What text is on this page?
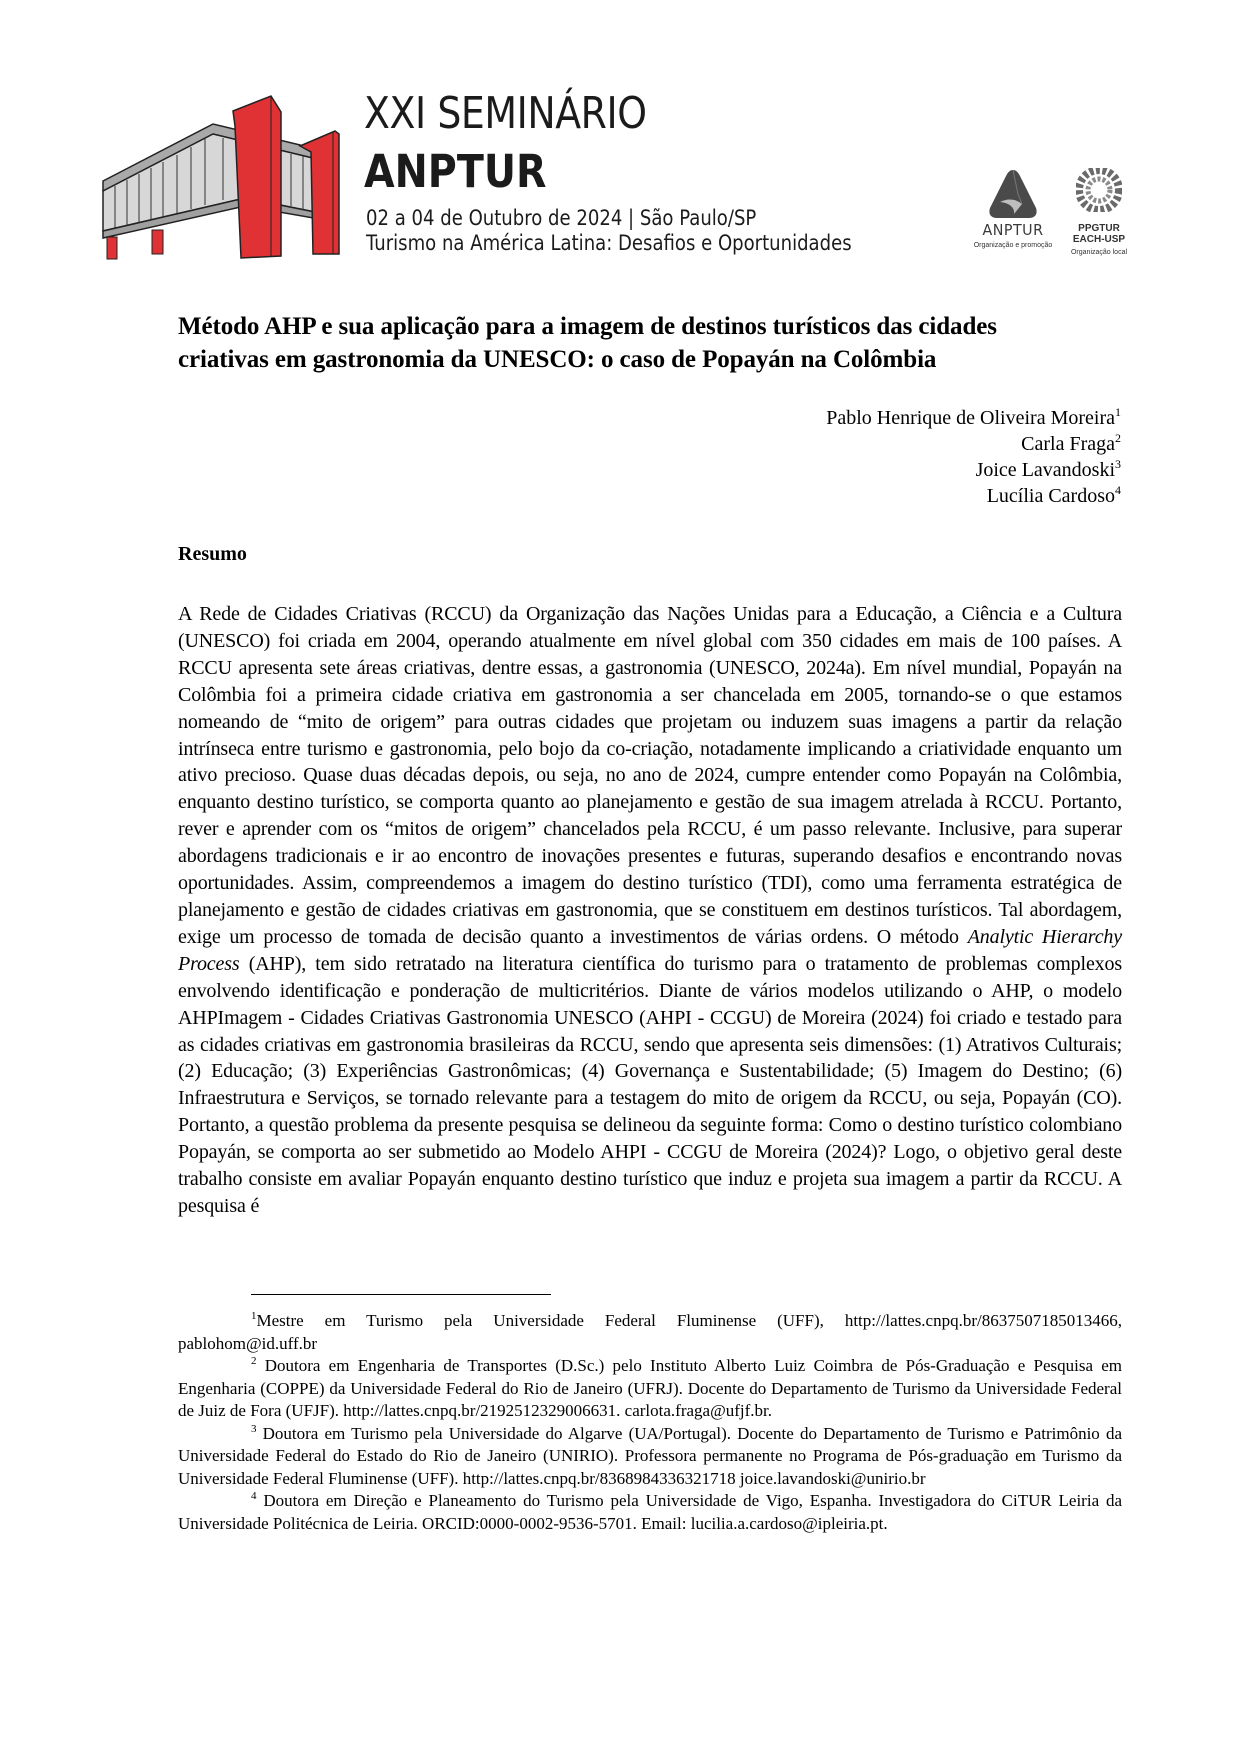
XXI SEMINÁRIO
ANPTUR
02 a 04 de Outubro de 2024 | São Paulo/SP
Turismo na América Latina: Desafios e Oportunidades
ANPTUR
Organização e promoção
PPGTUR
EACH-USP
Organização local
Método AHP e sua aplicação para a imagem de destinos turísticos das cidades
criativas em gastronomia da UNESCO: o caso de Popayán na Colômbia
Pablo Henrique de Oliveira Moreira$^1$
Carla Fraga$^2$
Joice Lavandoski$^3$
Lucília Cardoso$^4$
Resumo
A Rede de Cidades Criativas (RCCU) da Organização das Nações Unidas para a Educação, a Ciência e a Cultura (UNESCO) foi criada em 2004, operando atualmente em nível global com 350 cidades em mais de 100 países. A RCCU apresenta sete áreas criativas, dentre essas, a gastronomia (UNESCO, 2024a). Em nível mundial, Popayán na Colômbia foi a primeira cidade criativa em gastronomia a ser chancelada em 2005, tornando-se o que estamos nomeando de “mito de origem” para outras cidades que projetam ou induzem suas imagens a partir da relação intrínseca entre turismo e gastronomia, pelo bojo da co-criação, notadamente implicando a criatividade enquanto um ativo precioso. Quase duas décadas depois, ou seja, no ano de 2024, cumpre entender como Popayán na Colômbia, enquanto destino turístico, se comporta quanto ao planejamento e gestão de sua imagem atrelada à RCCU. Portanto, rever e aprender com os “mitos de origem” chancelados pela RCCU, é um passo relevante. Inclusive, para superar abordagens tradicionais e ir ao encontro de inovações presentes e futuras, superando desafios e encontrando novas oportunidades. Assim, compreendemos a imagem do destino turístico (TDI), como uma ferramenta estratégica de planejamento e gestão de cidades criativas em gastronomia, que se constituem em destinos turísticos. Tal abordagem, exige um processo de tomada de decisão quanto a investimentos de várias ordens. O método Analytic Hierarchy Process (AHP), tem sido retratado na literatura científica do turismo para o tratamento de problemas complexos envolvendo identificação e ponderação de multicritérios. Diante de vários modelos utilizando o AHP, o modelo AHPImagem - Cidades Criativas Gastronomia UNESCO (AHPI - CCGU) de Moreira (2024) foi criado e testado para as cidades criativas em gastronomia brasileiras da RCCU, sendo que apresenta seis dimensões: (1) Atrativos Culturais; (2) Educação; (3) Experiências Gastronômicas; (4) Governança e Sustentabilidade; (5) Imagem do Destino; (6) Infraestrutura e Serviços, se tornado relevante para a testagem do mito de origem da RCCU, ou seja, Popayán (CO). Portanto, a questão problema da presente pesquisa se delineou da seguinte forma: Como o destino turístico colombiano Popayán, se comporta ao ser submetido ao Modelo AHPI - CCGU de Moreira (2024)? Logo, o objetivo geral deste trabalho consiste em avaliar Popayán enquanto destino turístico que induz e projeta sua imagem a partir da RCCU. A pesquisa é

$^1$Mestre em Turismo pela Universidade Federal Fluminense (UFF), http://lattes.cnpq.br/8637507185013466, pablohom@id.uff.br

$^2$ Doutora em Engenharia de Transportes (D.Sc.) pelo Instituto Alberto Luiz Coimbra de Pós-Graduação e Pesquisa em Engenharia (COPPE) da Universidade Federal do Rio de Janeiro (UFRJ). Docente do Departamento de Turismo da Universidade Federal de Juiz de Fora (UFJF). http://lattes.cnpq.br/2192512329006631. carlota.fraga@ufjf.br.

$^3$ Doutora em Turismo pela Universidade do Algarve (UA/Portugal). Docente do Departamento de Turismo e Patrimônio da Universidade Federal do Estado do Rio de Janeiro (UNIRIO). Professora permanente no Programa de Pós-graduação em Turismo da Universidade Federal Fluminense (UFF). http://lattes.cnpq.br/8368984336321718 joice.lavandoski@unirio.br

$^4$ Doutora em Direção e Planeamento do Turismo pela Universidade de Vigo, Espanha. Investigadora do CiTUR Leiria da Universidade Politécnica de Leiria. ORCID:0000-0002-9536-5701. Email: lucilia.a.cardoso@ipleiria.pt.
